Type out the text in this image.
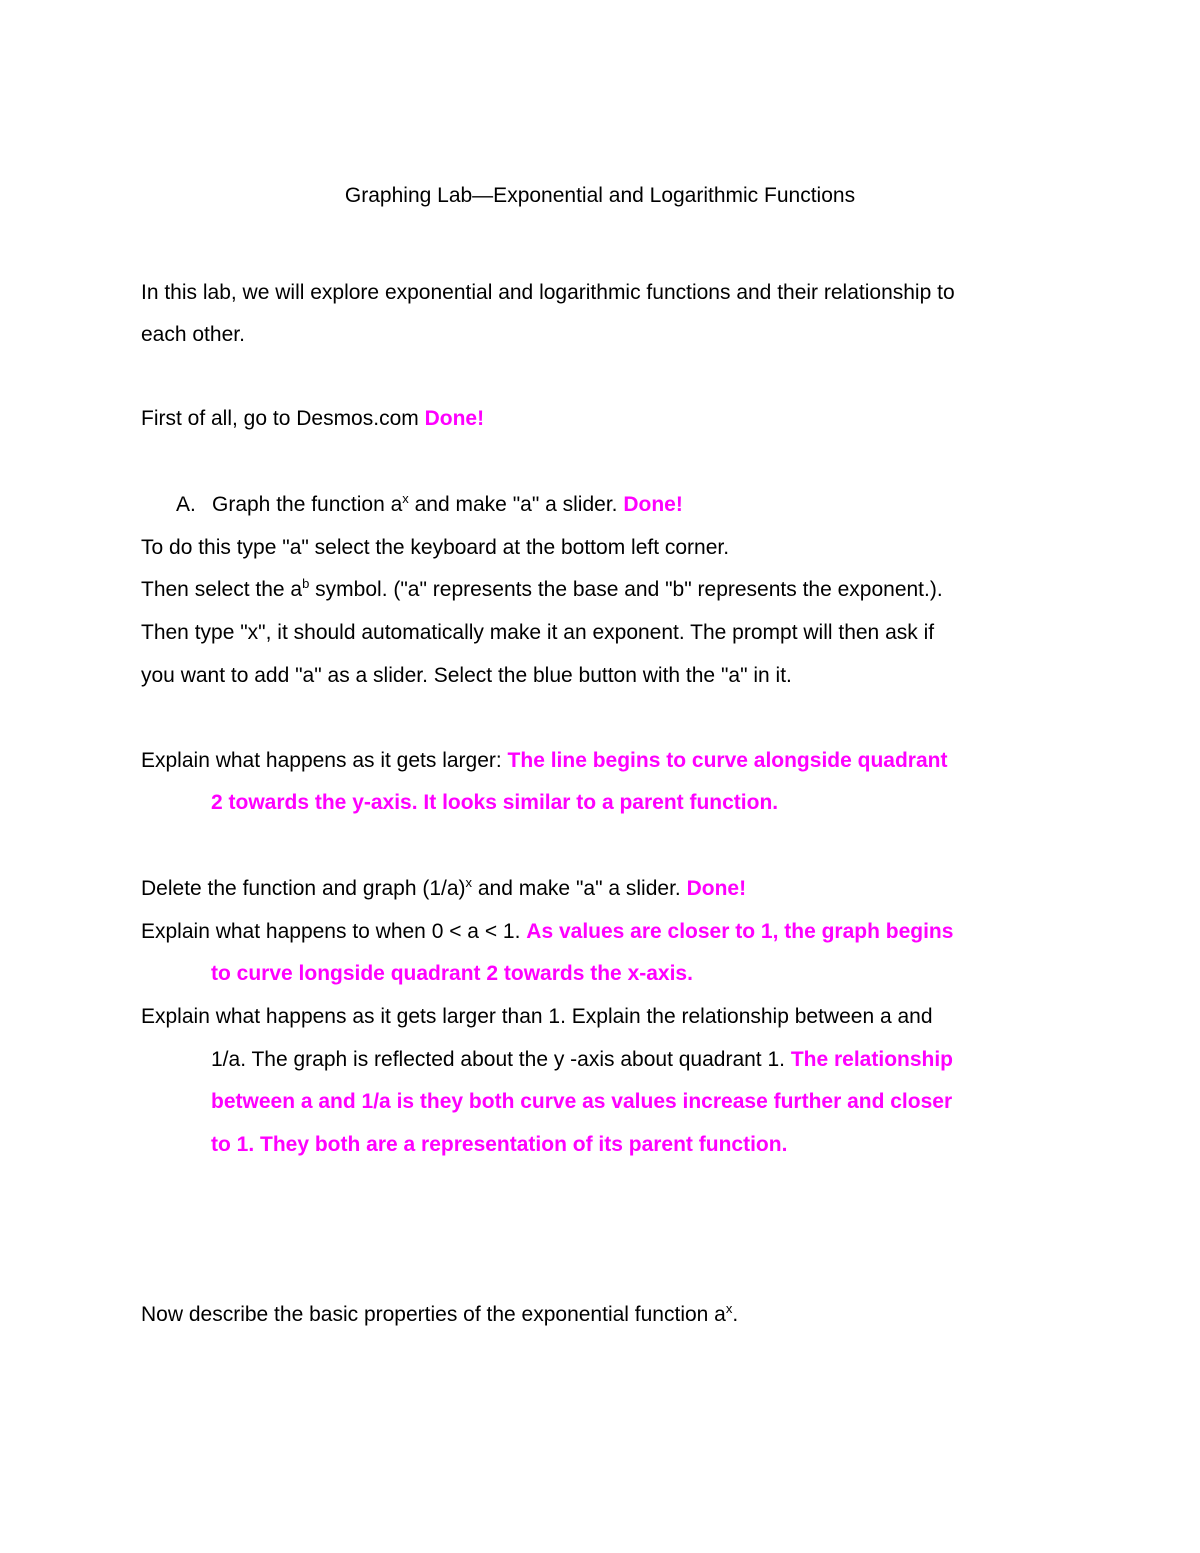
Graphing Lab—Exponential and Logarithmic Functions

In this lab, we will explore exponential and logarithmic functions and their relationship to

each other.

First of all, go to Desmos.com Done!

A. Graph the function $a^x$ and make "a" a slider. Done!

To do this type "a" select the keyboard at the bottom left corner.

Then select the $a^b$ symbol. ("a" represents the base and "b" represents the exponent.).

Then type "x", it should automatically make it an exponent. The prompt will then ask if

you want to add "a" as a slider. Select the blue button with the "a" in it.

Explain what happens as it gets larger: The line begins to curve alongside quadrant

2 towards the y-axis. It looks similar to a parent function.

Delete the function and graph $(1/a)^x$ and make "a" a slider. Done!

Explain what happens to when 0 < a < 1. As values are closer to 1, the graph begins

to curve longside quadrant 2 towards the x-axis.

Explain what happens as it gets larger than 1. Explain the relationship between a and

1/a. The graph is reflected about the y -axis about quadrant 1. The relationship

between a and 1/a is they both curve as values increase further and closer

to 1. They both are a representation of its parent function.

Now describe the basic properties of the exponential function $a^x$.
